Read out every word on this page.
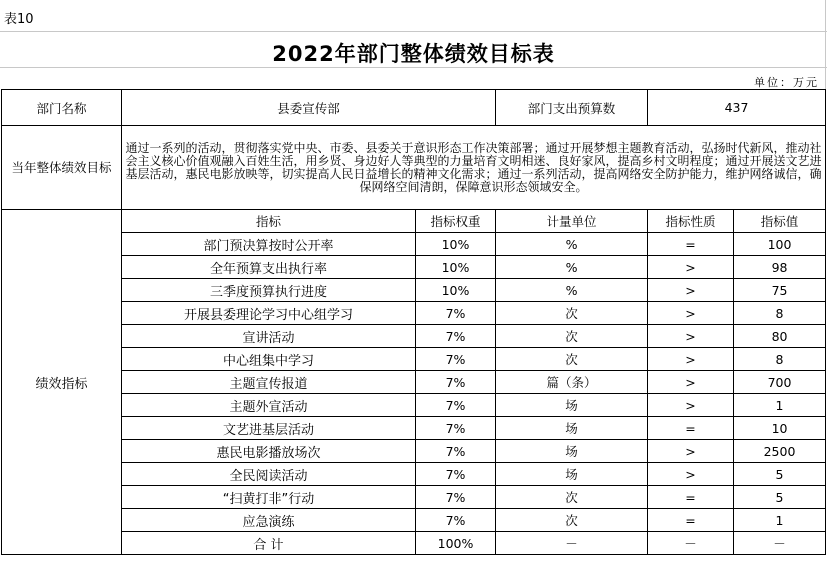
表10
2022年部门整体绩效目标表
单位：万元
部门名称	县委宣传部		部门支出预算数	437	
当年整体绩效目标	通过一系列的活动，贯彻落实党中央、市委、县委关于意识形态工作决策部署；通过开展梦想主题教育活动，弘扬时代新风，推动社会主义核心价值观融入百姓生活，用乡贤、身边好人等典型的力量培育文明相迷、良好家风，提高乡村文明程度；通过开展送文艺进基层活动，惠民电影放映等，切实提高人民日益增长的精神文化需求；通过一系列活动，提高网络安全防护能力，维护网络诚信，确保网络空间清朗，保障意识形态领域安全。				
绩效指标	指标	指标权重	计量单位	指标性质	指标值
	部门预决算按时公开率	10%	%	=	100
	全年预算支出执行率	10%	%	>	98
	三季度预算执行进度	10%	%	>	75
	开展县委理论学习中心组学习	7%	次	>	8
	宣讲活动	7%	次	>	80
	中心组集中学习	7%	次	>	8
	主题宣传报道	7%	篇（条）	>	700
	主题外宣活动	7%	场	>	1
	文艺进基层活动	7%	场	=	10
	惠民电影播放场次	7%	场	>	2500
	全民阅读活动	7%	场	>	5
	“扫黄打非”行动	7%	次	=	5
	应急演练	7%	次	=	1
	合 计	100%	－	－	－
